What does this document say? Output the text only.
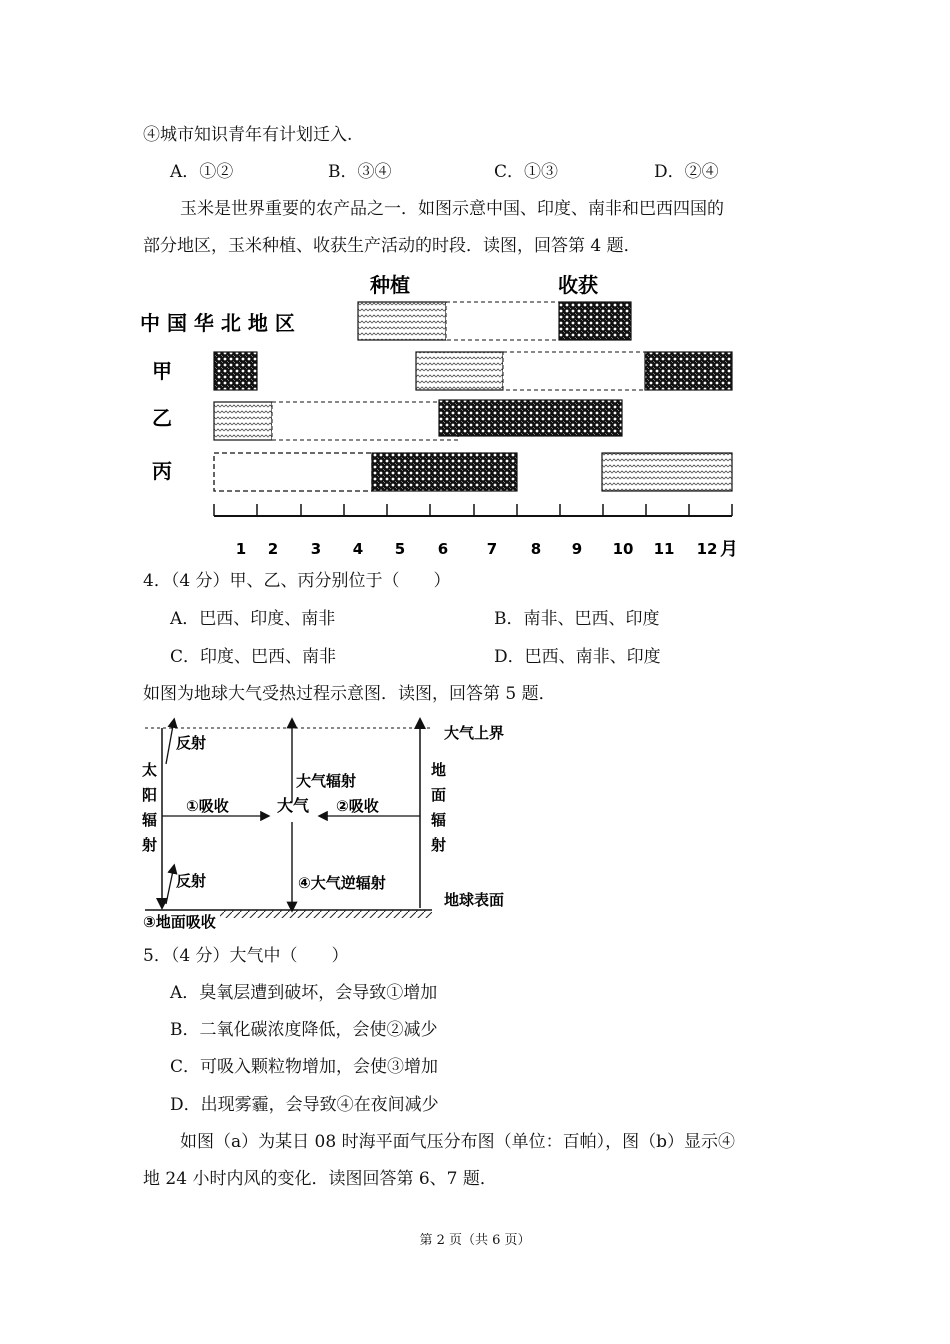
④城市知识青年有计划迁入.
A．①②	B．③④	C．①③	D．②④
玉米是世界重要的农产品之一．如图示意中国、印度、南非和巴西四国的
部分地区，玉米种植、收获生产活动的时段．读图，回答第 4 题．
种植	收获
中 国 华 北 地 区
甲
乙
丙
1 2 3 4 5 6	7 8 9 10 11 12 月
4．（4 分）甲、乙、丙分别位于（　　）
A．巴西、印度、南非	B．南非、巴西、印度
C．印度、巴西、南非	D．巴西、南非、印度
如图为地球大气受热过程示意图．读图，回答第 5 题．
大气上界
太
阳
辐
射
反射
①吸收	大气
大气辐射
④大气逆辐射
②吸收
地
面
辐
射
反射
地球表面
③地面吸收
5．（4 分）大气中（　　）
A．臭氧层遭到破坏，会导致①增加
B．二氧化碳浓度降低，会使②减少
C．可吸入颗粒物增加，会使③增加
D．出现雾霾，会导致④在夜间减少
如图（a）为某日 08 时海平面气压分布图（单位：百帕），图（b）显示④
地 24 小时内风的变化．读图回答第 6、7 题．
第 2 页（共 6 页）
